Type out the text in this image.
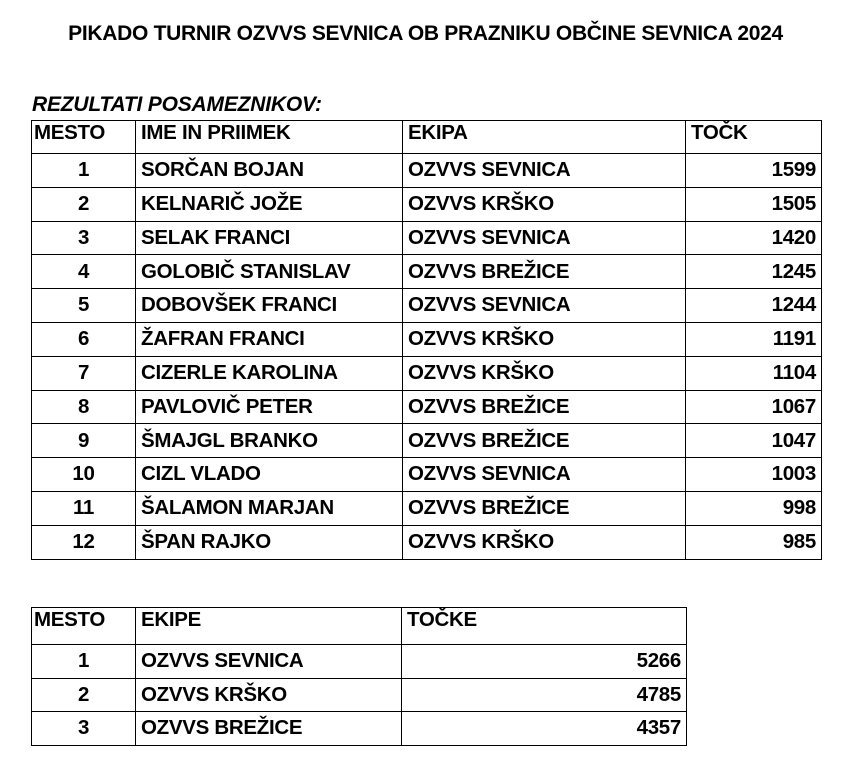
PIKADO TURNIR OZVVS SEVNICA OB PRAZNIKU OBČINE SEVNICA 2024
REZULTATI POSAMEZNIKOV:
MESTO	IME IN PRIIMEK	EKIPA	TOČK
1	SORČAN BOJAN	OZVVS SEVNICA	1599
2	KELNARIČ JOŽE	OZVVS KRŠKO	1505
3	SELAK FRANCI	OZVVS SEVNICA	1420
4	GOLOBIČ STANISLAV	OZVVS BREŽICE	1245
5	DOBOVŠEK FRANCI	OZVVS SEVNICA	1244
6	ŽAFRAN FRANCI	OZVVS KRŠKO	1191
7	CIZERLE KAROLINA	OZVVS KRŠKO	1104
8	PAVLOVIČ PETER	OZVVS BREŽICE	1067
9	ŠMAJGL BRANKO	OZVVS BREŽICE	1047
10	CIZL VLADO	OZVVS SEVNICA	1003
11	ŠALAMON MARJAN	OZVVS BREŽICE	998
12	ŠPAN RAJKO	OZVVS KRŠKO	985
MESTO	EKIPE	TOČKE
1	OZVVS SEVNICA	5266
2	OZVVS KRŠKO	4785
3	OZVVS BREŽICE	4357
